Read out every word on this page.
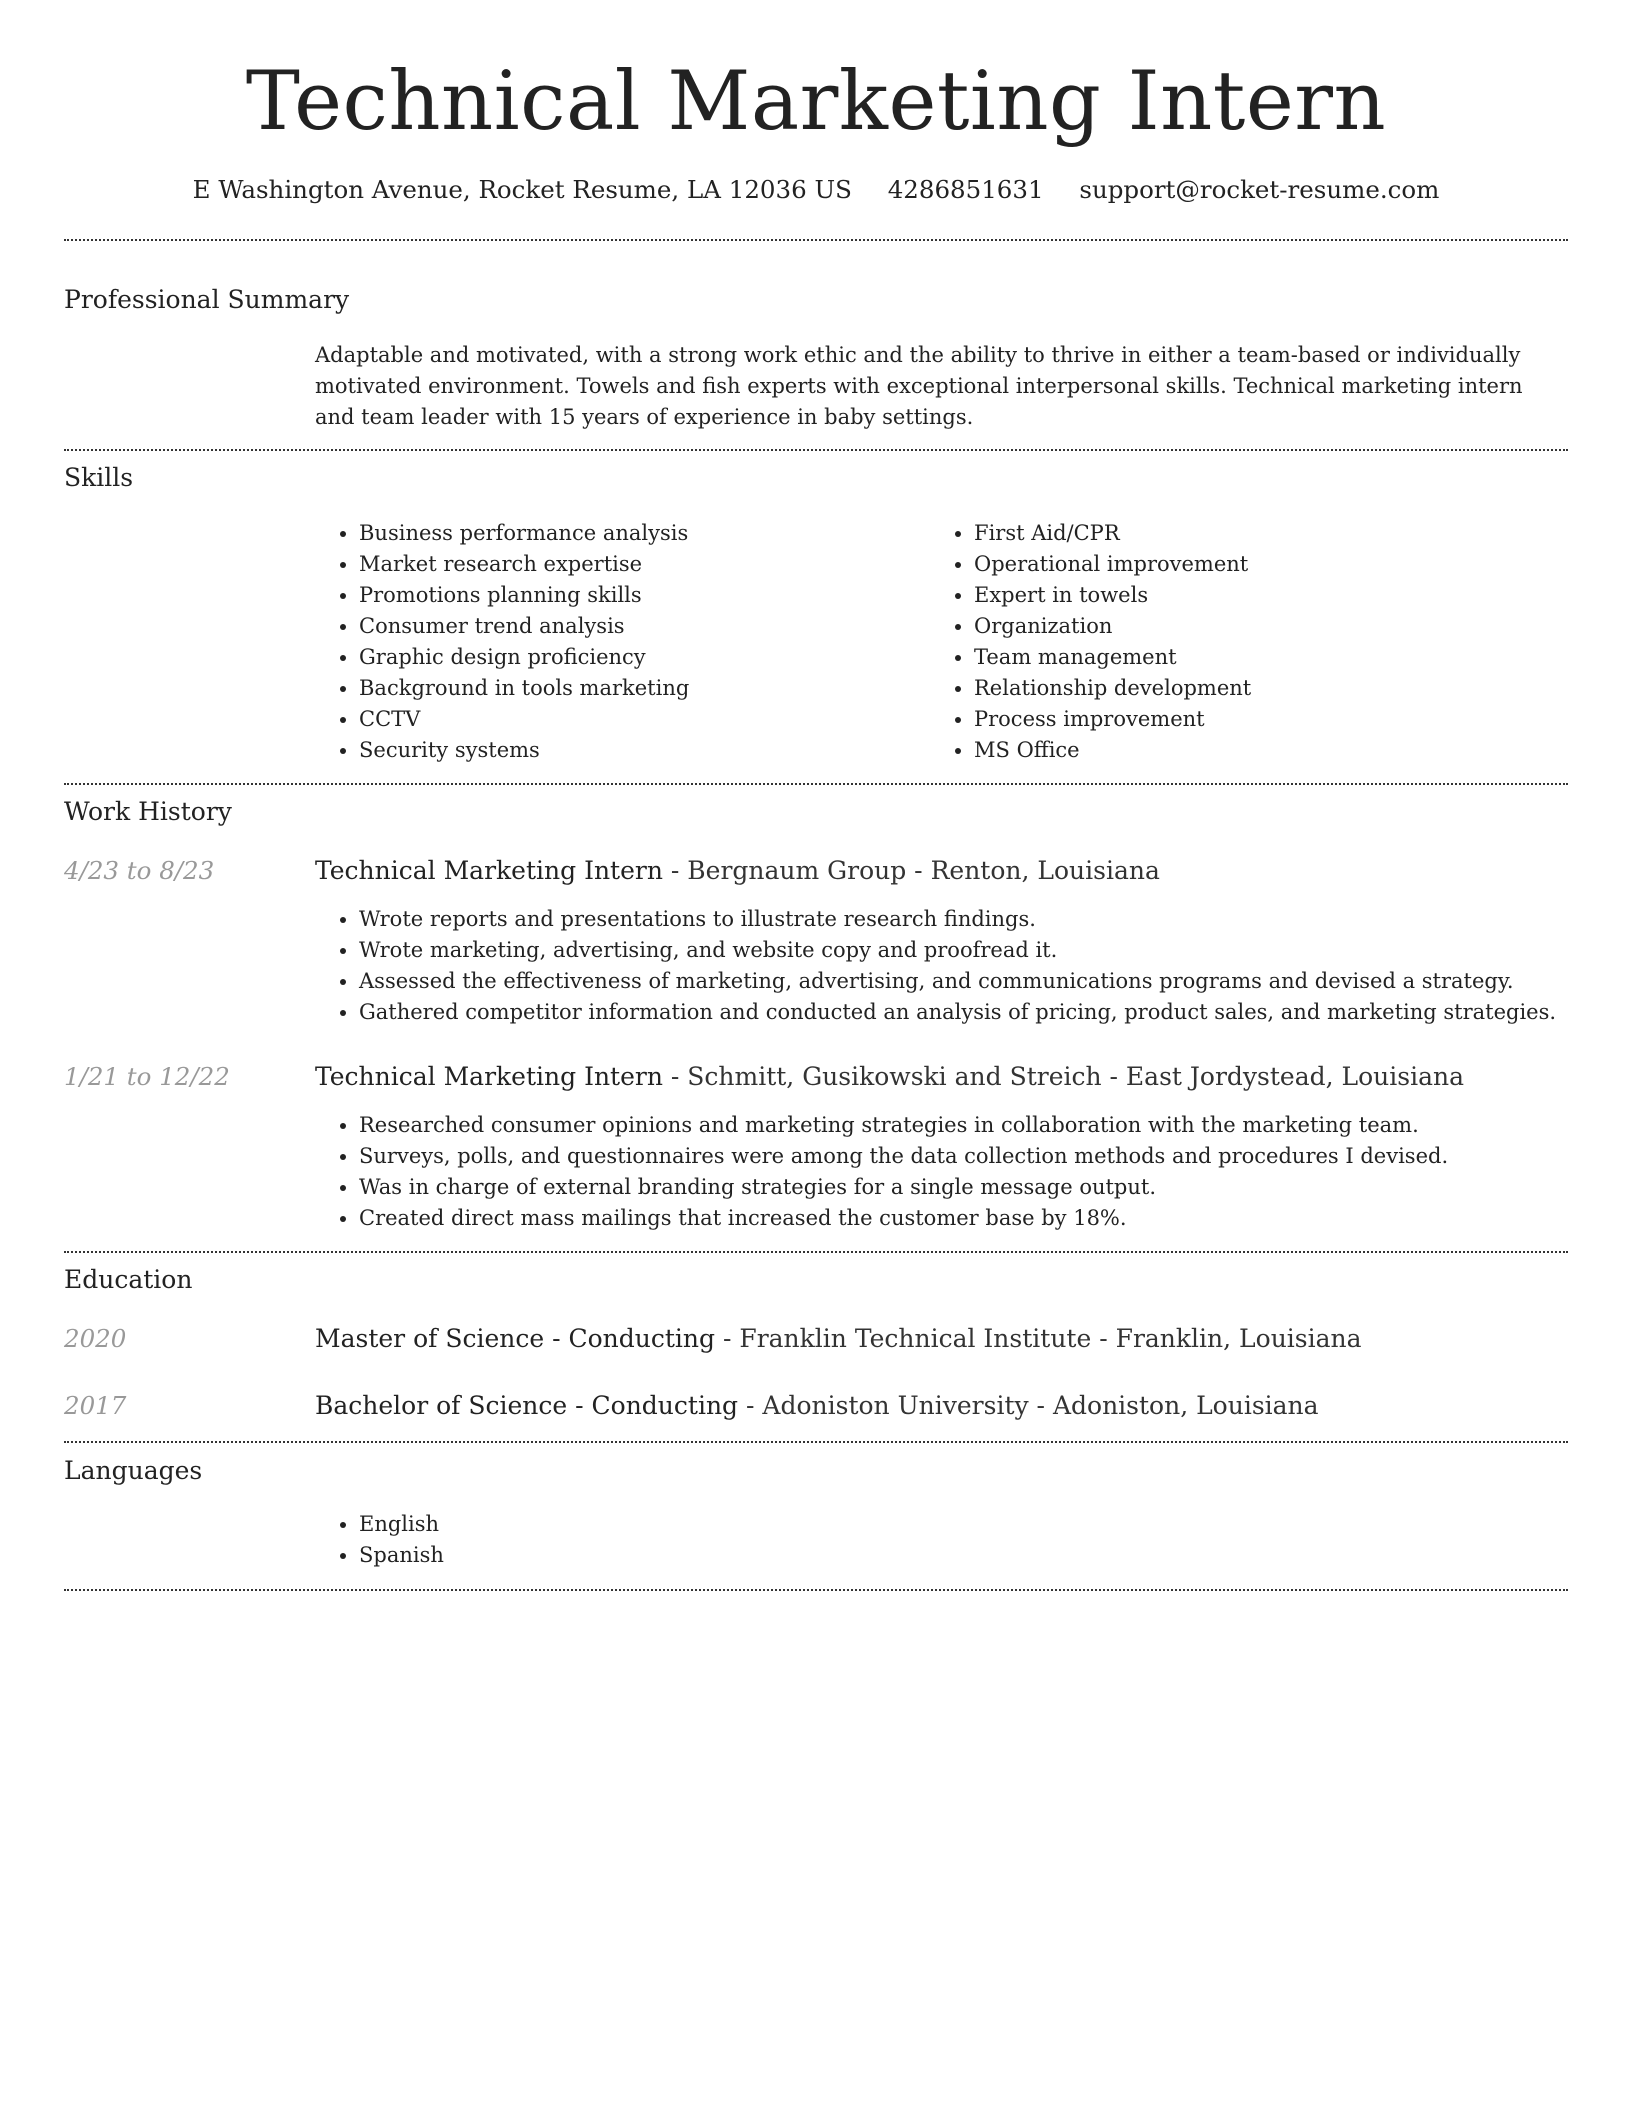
Technical Marketing Intern
E Washington Avenue, Rocket Resume, LA 12036 US 4286851631 support@rocket-resume.com
Professional Summary
Adaptable and motivated, with a strong work ethic and the ability to thrive in either a team-based or individually motivated environment. Towels and fish experts with exceptional interpersonal skills. Technical marketing intern and team leader with 15 years of experience in baby settings.
Skills
• Business performance analysis
• Market research expertise
• Promotions planning skills
• Consumer trend analysis
• Graphic design proficiency
• Background in tools marketing
• CCTV
• Security systems
• First Aid/CPR
• Operational improvement
• Expert in towels
• Organization
• Team management
• Relationship development
• Process improvement
• MS Office
Work History
4/23 to 8/23	Technical Marketing Intern - Bergnaum Group - Renton, Louisiana
• Wrote reports and presentations to illustrate research findings.
• Wrote marketing, advertising, and website copy and proofread it.
• Assessed the effectiveness of marketing, advertising, and communications programs and devised a strategy.
• Gathered competitor information and conducted an analysis of pricing, product sales, and marketing strategies.
1/21 to 12/22	Technical Marketing Intern - Schmitt, Gusikowski and Streich - East Jordystead, Louisiana
• Researched consumer opinions and marketing strategies in collaboration with the marketing team.
• Surveys, polls, and questionnaires were among the data collection methods and procedures I devised.
• Was in charge of external branding strategies for a single message output.
• Created direct mass mailings that increased the customer base by 18%.
Education
2020	Master of Science - Conducting - Franklin Technical Institute - Franklin, Louisiana
2017	Bachelor of Science - Conducting - Adoniston University - Adoniston, Louisiana
Languages
• English
• Spanish
